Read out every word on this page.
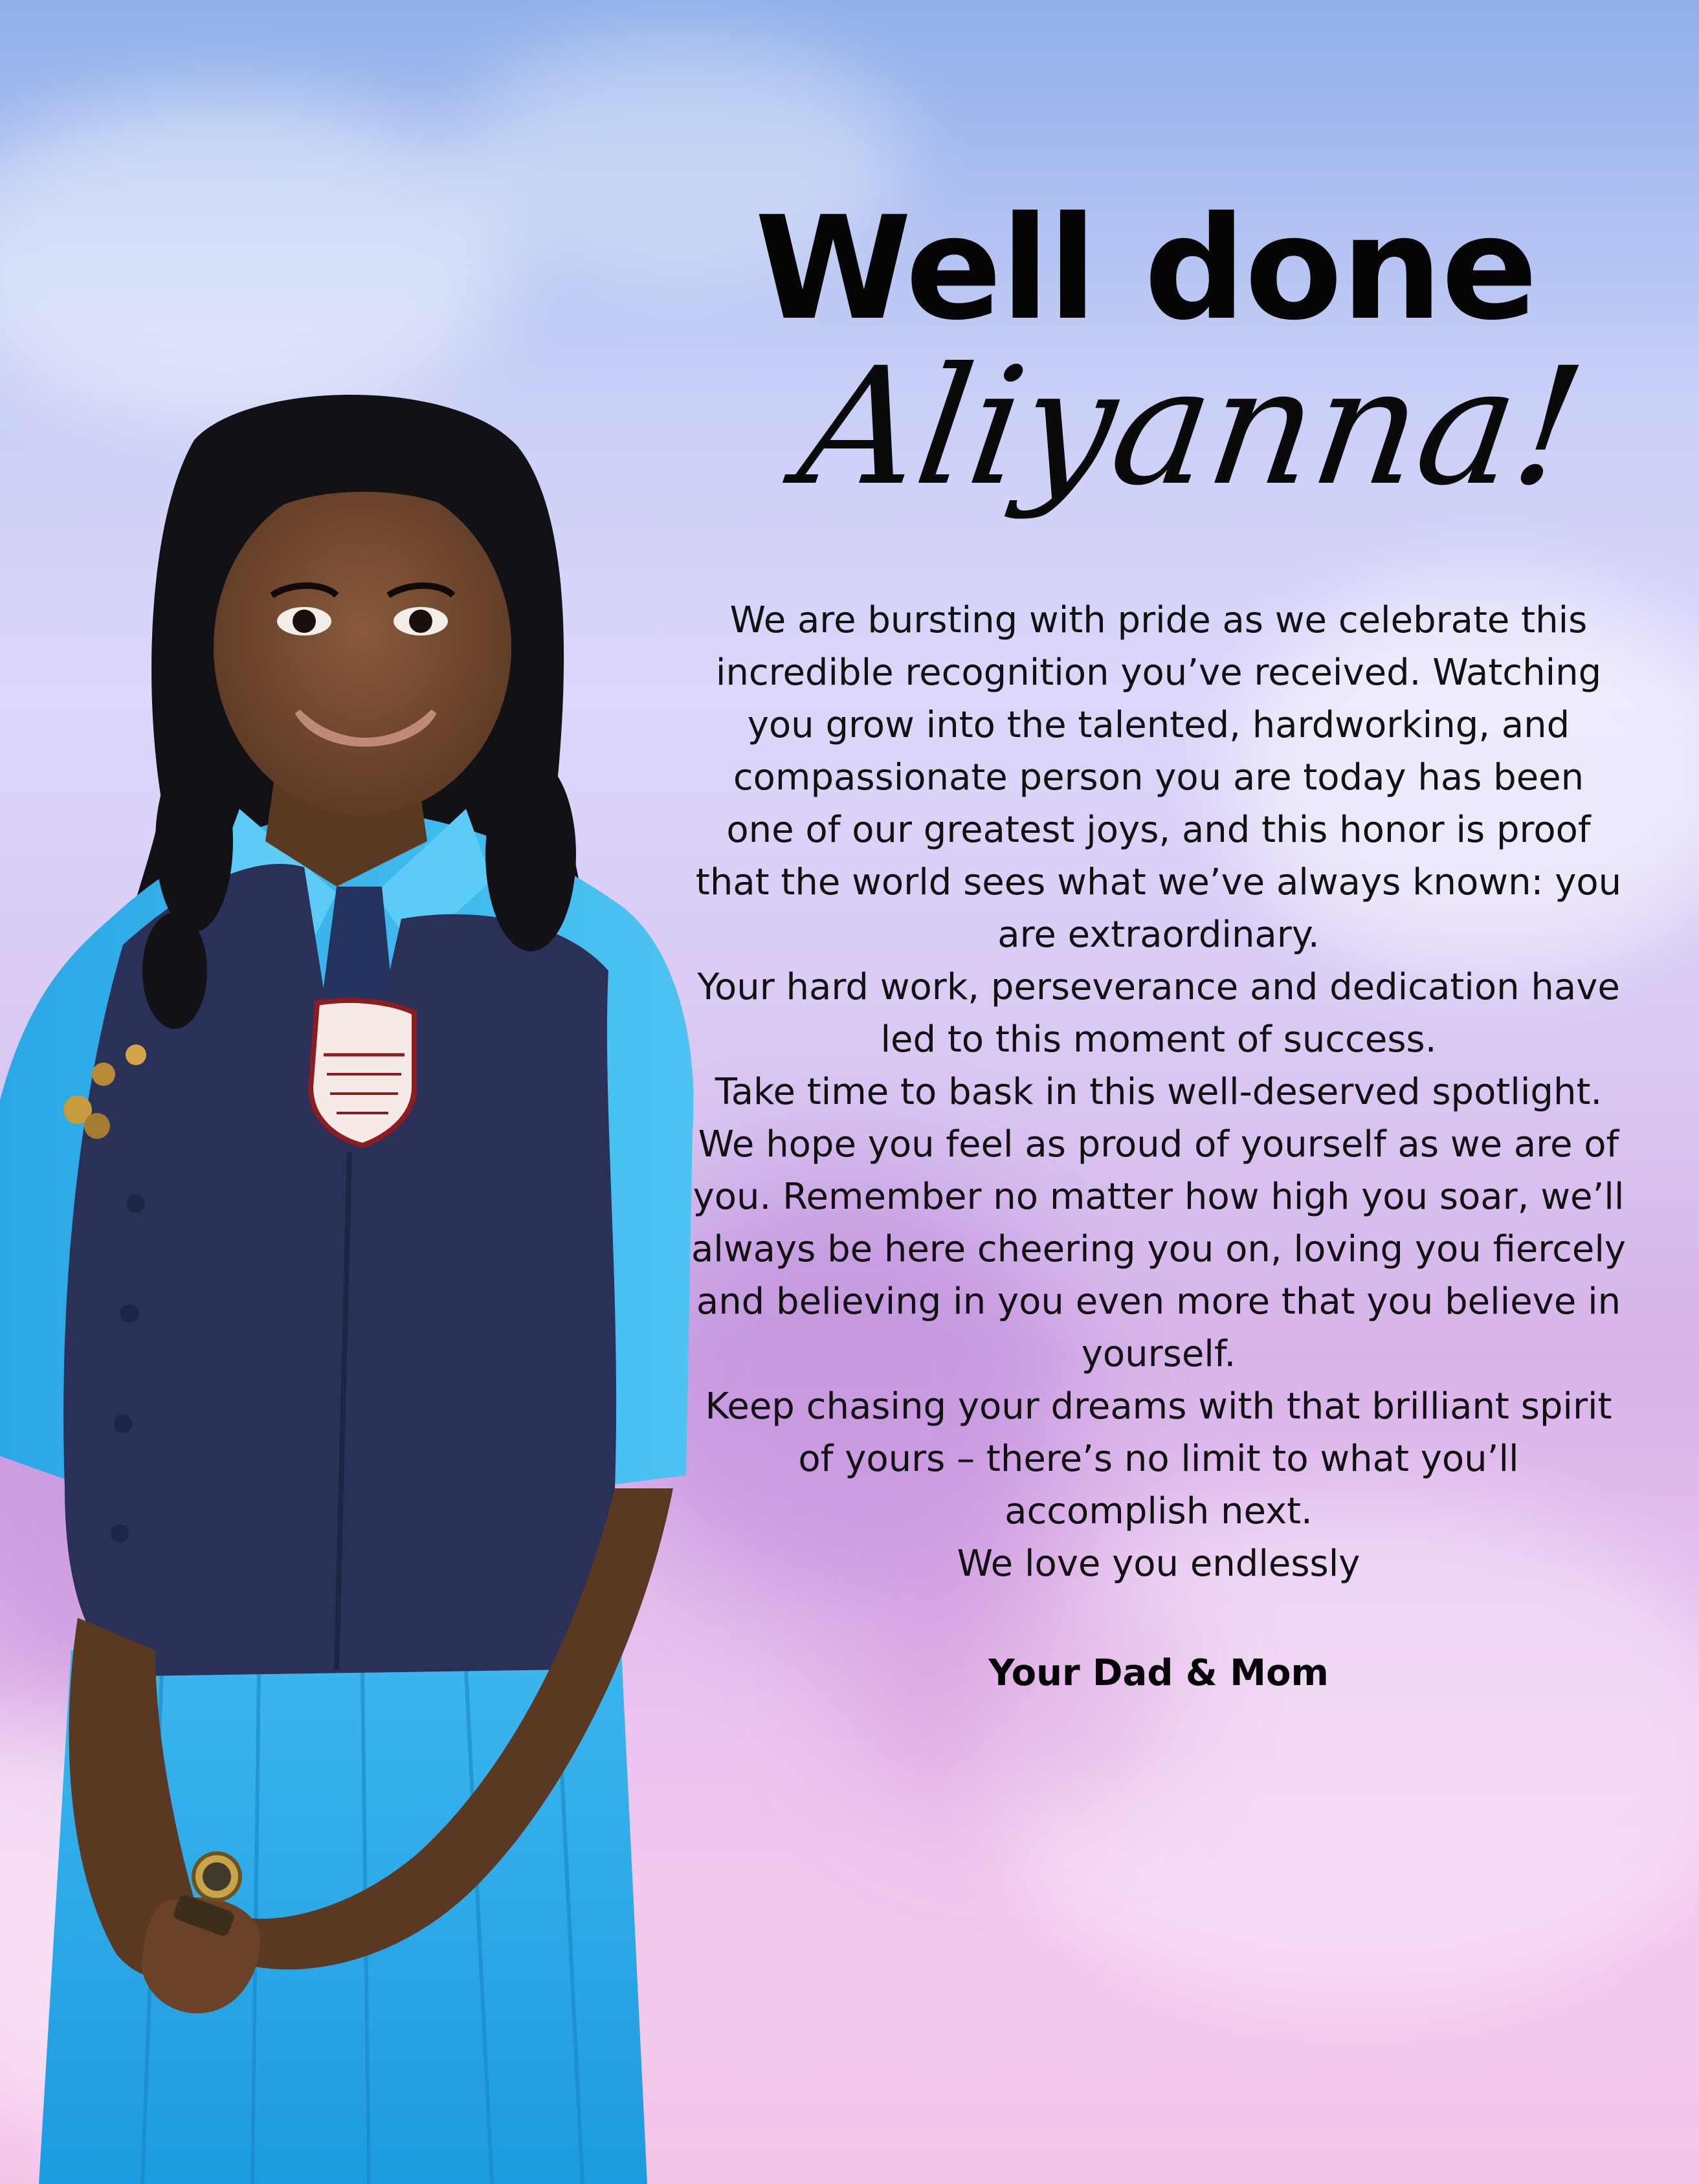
Well done
Aliyanna!
We are bursting with pride as we celebrate this
incredible recognition you’ve received. Watching
you grow into the talented, hardworking, and
compassionate person you are today has been
one of our greatest joys, and this honor is proof
that the world sees what we’ve always known: you
are extraordinary.
Your hard work, perseverance and dedication have
led to this moment of success.
Take time to bask in this well-deserved spotlight.
We hope you feel as proud of yourself as we are of
you. Remember no matter how high you soar, we’ll
always be here cheering you on, loving you fiercely
and believing in you even more that you believe in
yourself.
Keep chasing your dreams with that brilliant spirit
of yours – there’s no limit to what you’ll
accomplish next.
We love you endlessly
Your Dad & Mom
